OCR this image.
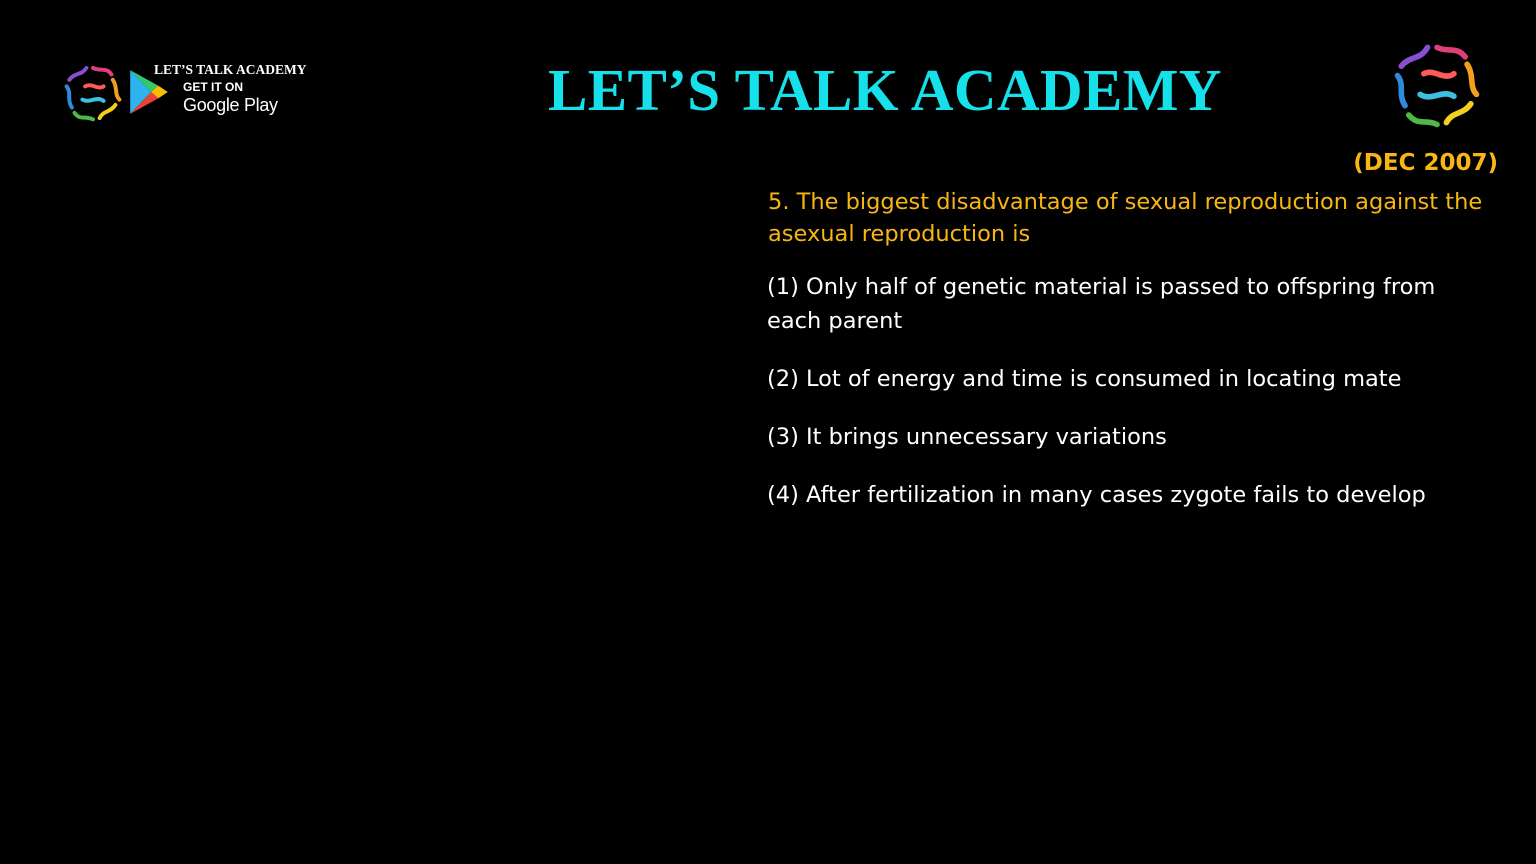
LET’S TALK ACADEMY
GET IT ON
Google Play	LET’S TALK ACADEMY
(DEC 2007)
5. The biggest disadvantage of sexual reproduction against the asexual reproduction is
(1) Only half of genetic material is passed to offspring from each parent
(2) Lot of energy and time is consumed in locating mate
(3) It brings unnecessary variations
(4) After fertilization in many cases zygote fails to develop
